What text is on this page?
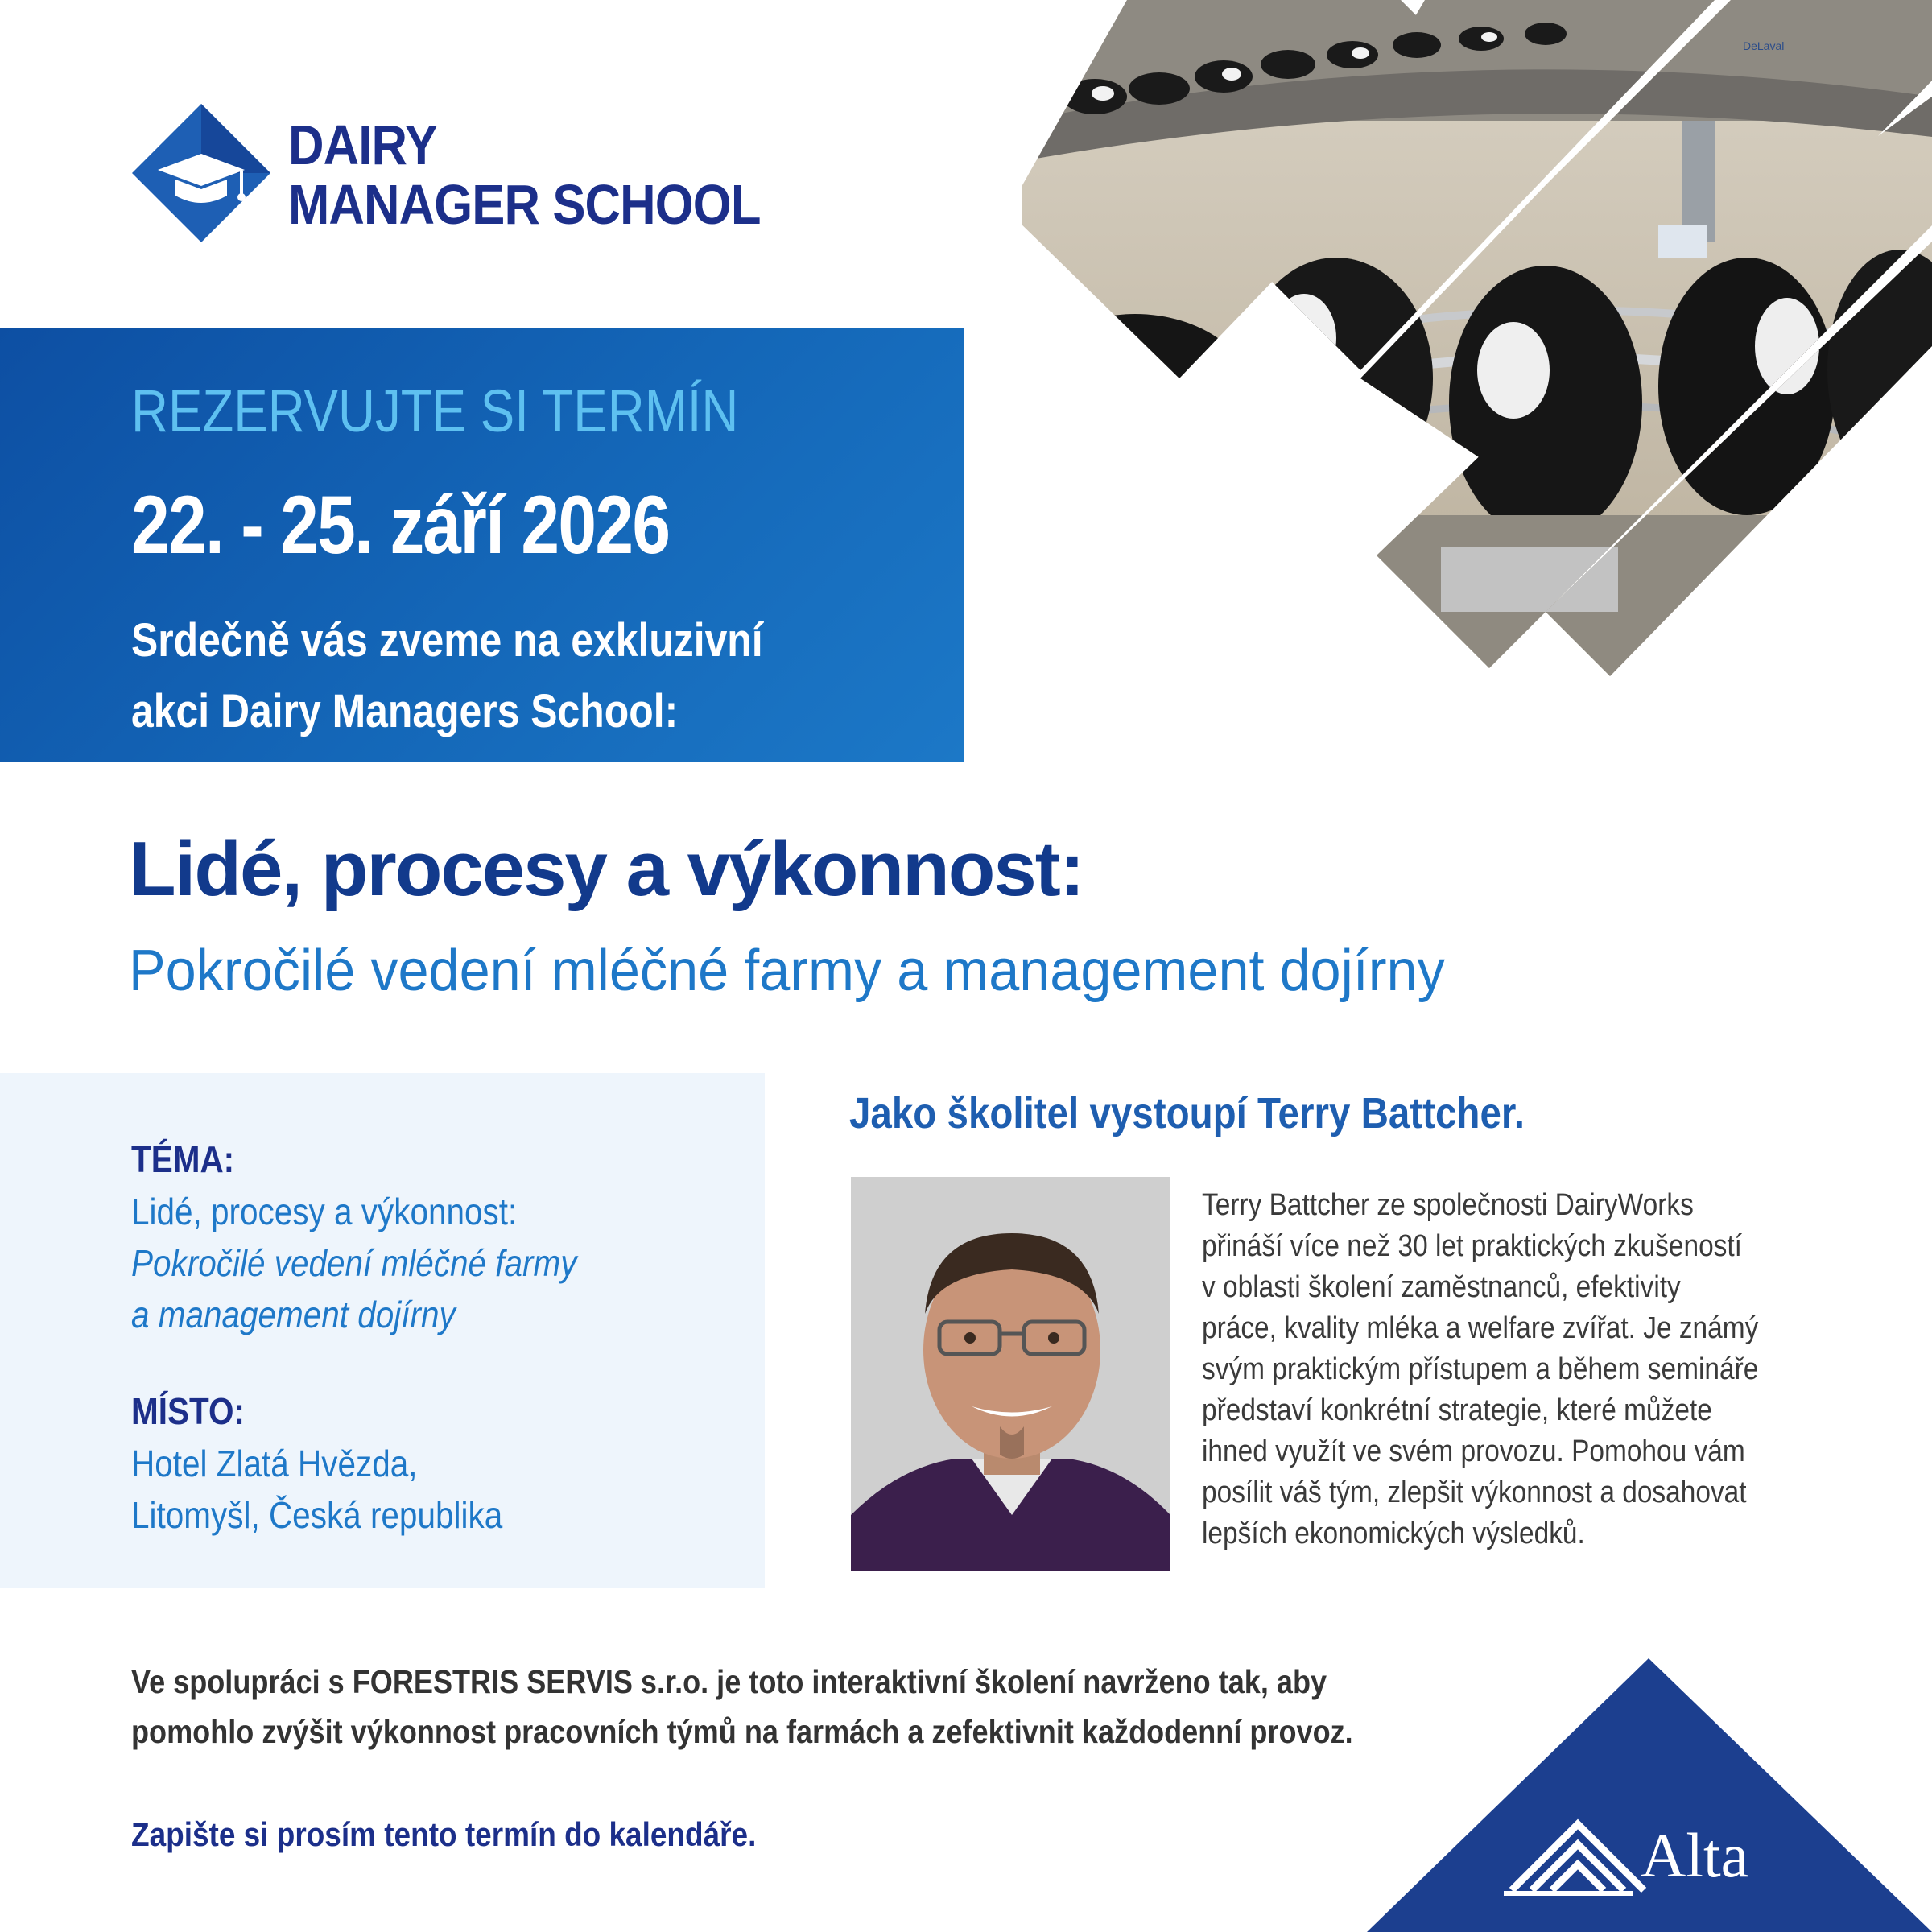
DAIRY
MANAGER SCHOOL
DeLaval
REZERVUJTE SI TERMÍN
22. - 25. září 2026
Srdečně vás zveme na exkluzivní
akci Dairy Managers School:
Lidé, procesy a výkonnost:
Pokročilé vedení mléčné farmy a management dojírny
TÉMA:
Lidé, procesy a výkonnost:
Pokročilé vedení mléčné farmy
a management dojírny
MÍSTO:
Hotel Zlatá Hvězda,
Litomyšl, Česká republika
Jako školitel vystoupí Terry Battcher.
Terry Battcher ze společnosti DairyWorks
přináší více než 30 let praktických zkušeností
v oblasti školení zaměstnanců, efektivity
práce, kvality mléka a welfare zvířat. Je známý
svým praktickým přístupem a během semináře
představí konkrétní strategie, které můžete
ihned využít ve svém provozu. Pomohou vám
posílit váš tým, zlepšit výkonnost a dosahovat
lepších ekonomických výsledků.
Ve spolupráci s FORESTRIS SERVIS s.r.o. je toto interaktivní školení navrženo tak, aby
pomohlo zvýšit výkonnost pracovních týmů na farmách a zefektivnit každodenní provoz.
Zapište si prosím tento termín do kalendáře.	Alta
